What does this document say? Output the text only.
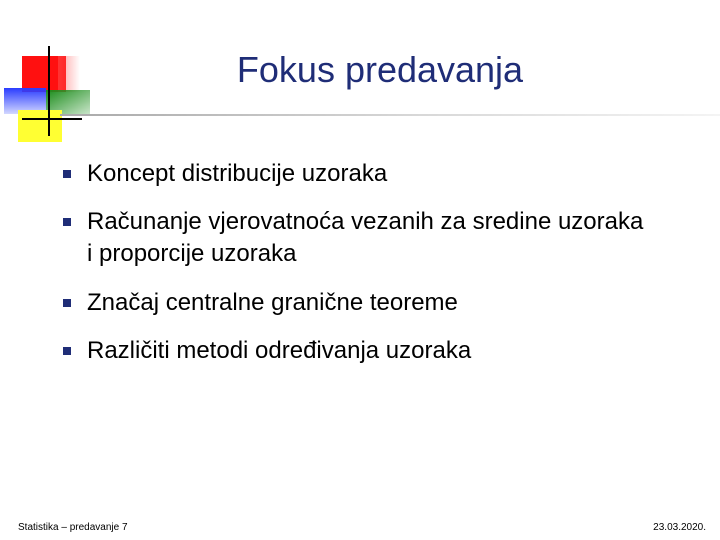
Fokus predavanja
Koncept distribucije uzoraka
Računanje vjerovatnoća vezanih za sredine uzoraka i proporcije uzoraka
Značaj centralne granične teoreme
Različiti metodi određivanja uzoraka
Statistika – predavanje 7	23.03.2020.
